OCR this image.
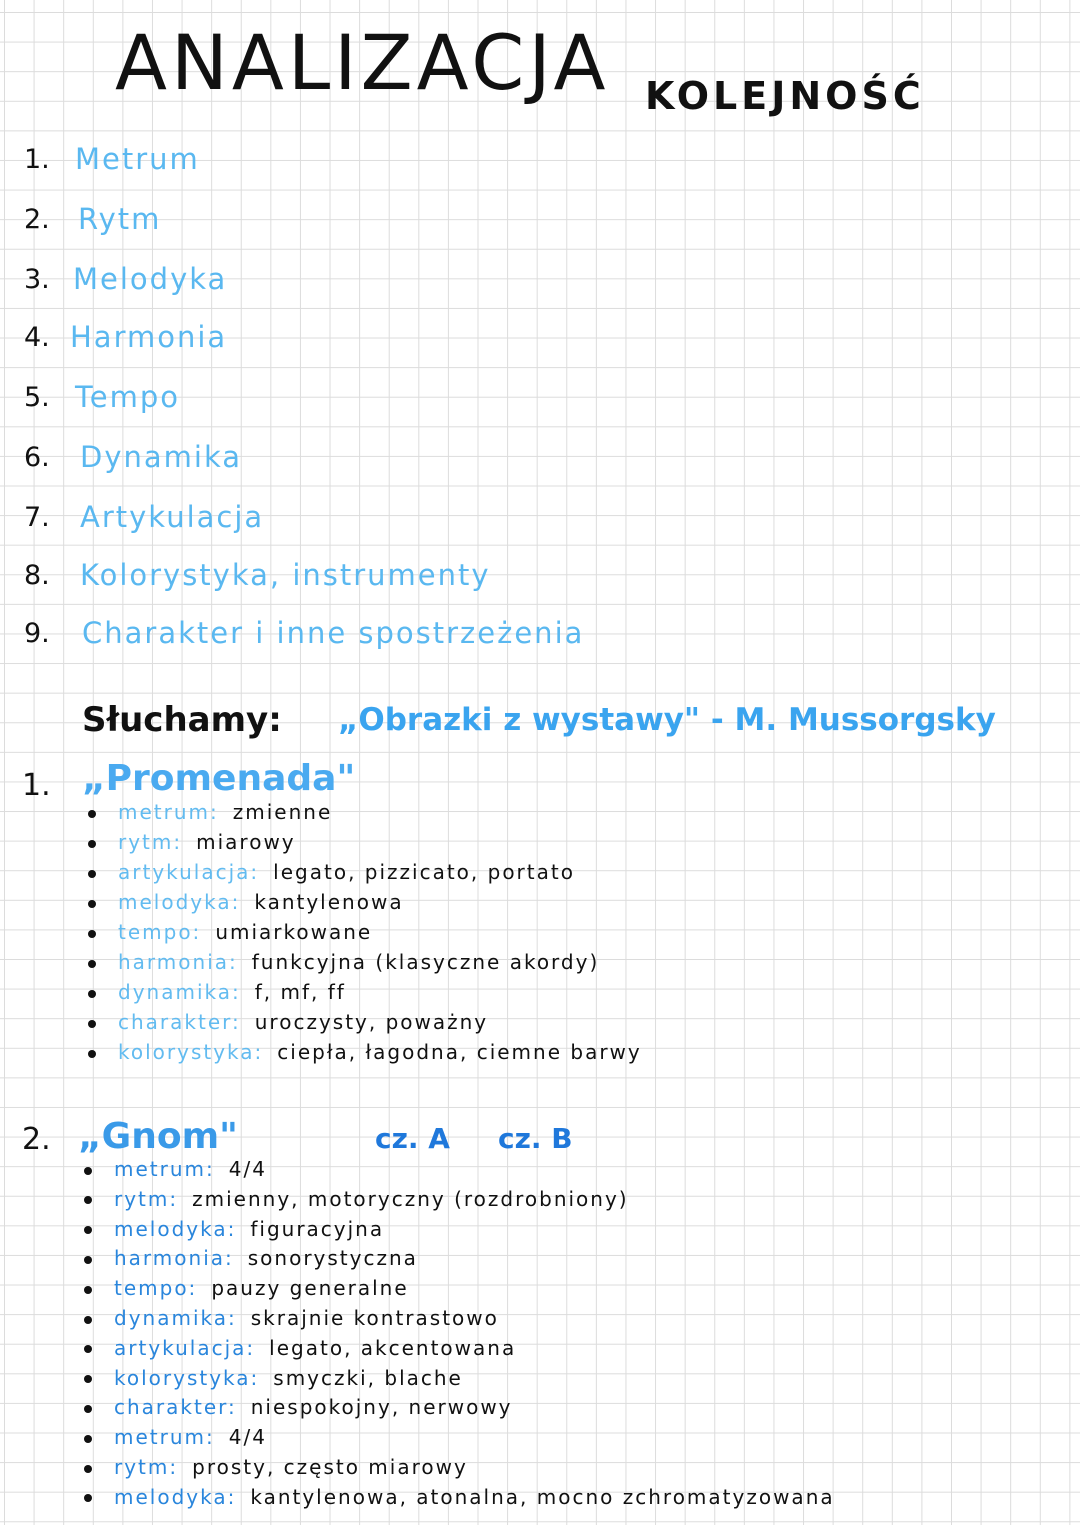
ANALIZACJA KOLEJNOŚĆ
1. Metrum
2. Rytm
3. Melodyka
4. Harmonia
5. Tempo
6. Dynamika
7. Artykulacja
8. Kolorystyka, instrumenty
9. Charakter i inne spostrzeżenia
Słuchamy: „Obrazki z wystawy" - M. Mussorgsky
1. „Promenada"
metrum: zmienne
rytm: miarowy
artykulacja: legato, pizzicato, portato
melodyka: kantylenowa
tempo: umiarkowane
harmonia: funkcyjna (klasyczne akordy)
dynamika: f, mf, ff
charakter: uroczysty, poważny
kolorystyka: ciepła, łagodna, ciemne barwy
2. „Gnom"	cz. A cz. B
metrum: 4/4
rytm: zmienny, motoryczny (rozdrobniony)
melodyka: figuracyjna
harmonia: sonorystyczna
tempo: pauzy generalne
dynamika: skrajnie kontrastowo
artykulacja: legato, akcentowana
kolorystyka: smyczki, blache
charakter: niespokojny, nerwowy
metrum: 4/4
rytm: prosty, często miarowy
melodyka: kantylenowa, atonalna, mocno zchromatyzowana
